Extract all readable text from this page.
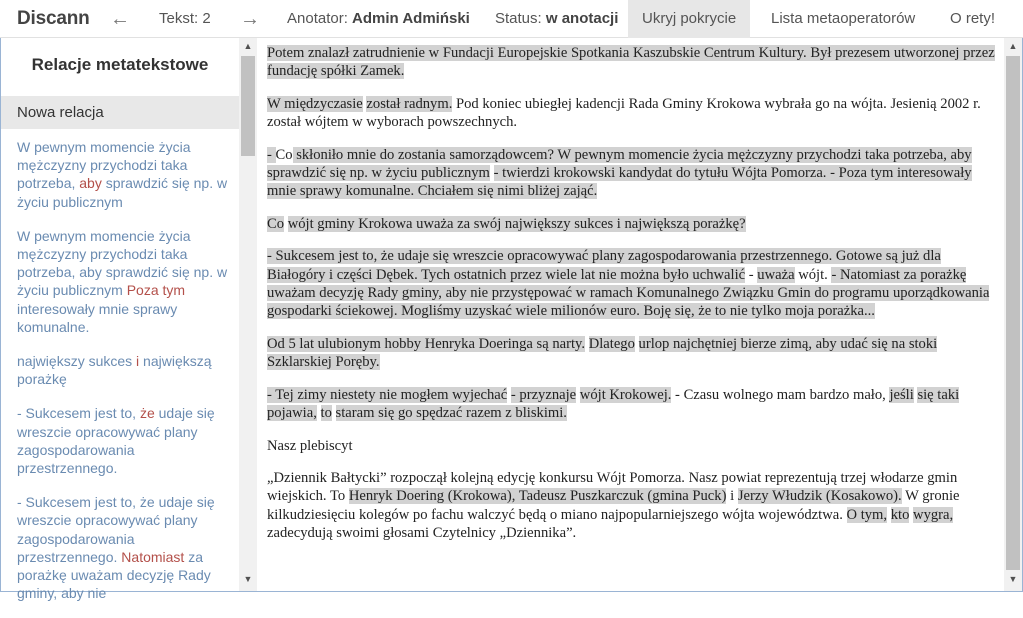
Discann ← Tekst: 2 → Anotator: Admin Admiński Status: w anotacji	Ukryj pokrycie	Lista metaoperatorów O rety!
Relacje metatekstowe
Nowa relacja
W pewnym momencie życia mężczyzny przychodzi taka potrzeba, aby sprawdzić się np. w życiu publicznym
W pewnym momencie życia mężczyzny przychodzi taka potrzeba, aby sprawdzić się np. w życiu publicznym Poza tym interesowały mnie sprawy komunalne.
największy sukces i największą porażkę
- Sukcesem jest to, że udaje się wreszcie opracowywać plany zagospodarowania przestrzennego.
- Sukcesem jest to, że udaje się wreszcie opracowywać plany zagospodarowania przestrzennego. Natomiast za porażkę uważam decyzję Rady gminy, aby nie
▲
▼

Potem znalazł zatrudnienie w Fundacji Europejskie Spotkania Kaszubskie Centrum Kultury. Był prezesem utworzonej przez fundację spółki Zamek.

W międzyczasie został radnym. Pod koniec ubiegłej kadencji Rada Gminy Krokowa wybrała go na wójta. Jesienią 2002 r. został wójtem w wyborach powszechnych.

- Co skłoniło mnie do zostania samorządowcem? W pewnym momencie życia mężczyzny przychodzi taka potrzeba, aby sprawdzić się np. w życiu publicznym - twierdzi krokowski kandydat do tytułu Wójta Pomorza. - Poza tym interesowały mnie sprawy komunalne. Chciałem się nimi bliżej zająć.

Co wójt gminy Krokowa uważa za swój największy sukces i największą porażkę?

- Sukcesem jest to, że udaje się wreszcie opracowywać plany zagospodarowania przestrzennego. Gotowe są już dla Białogóry i części Dębek. Tych ostatnich przez wiele lat nie można było uchwalić - uważa wójt. - Natomiast za porażkę uważam decyzję Rady gminy, aby nie przystępować w ramach Komunalnego Związku Gmin do programu uporządkowania gospodarki ściekowej. Mogliśmy uzyskać wiele milionów euro. Boję się, że to nie tylko moja porażka...

Od 5 lat ulubionym hobby Henryka Doeringa są narty. Dlatego urlop najchętniej bierze zimą, aby udać się na stoki Szklarskiej Poręby.

- Tej zimy niestety nie mogłem wyjechać - przyznaje wójt Krokowej. - Czasu wolnego mam bardzo mało, jeśli się taki pojawia, to staram się go spędzać razem z bliskimi.

Nasz plebiscyt

„Dziennik Bałtycki” rozpoczął kolejną edycję konkursu Wójt Pomorza. Nasz powiat reprezentują trzej włodarze gmin wiejskich. To Henryk Doering (Krokowa), Tadeusz Puszkarczuk (gmina Puck) i Jerzy Włudzik (Kosakowo). W gronie kilkudziesięciu kolegów po fachu walczyć będą o miano najpopularniejszego wójta województwa. O tym, kto wygra, zadecydują swoimi głosami Czytelnicy „Dziennika”.

▲
▼
